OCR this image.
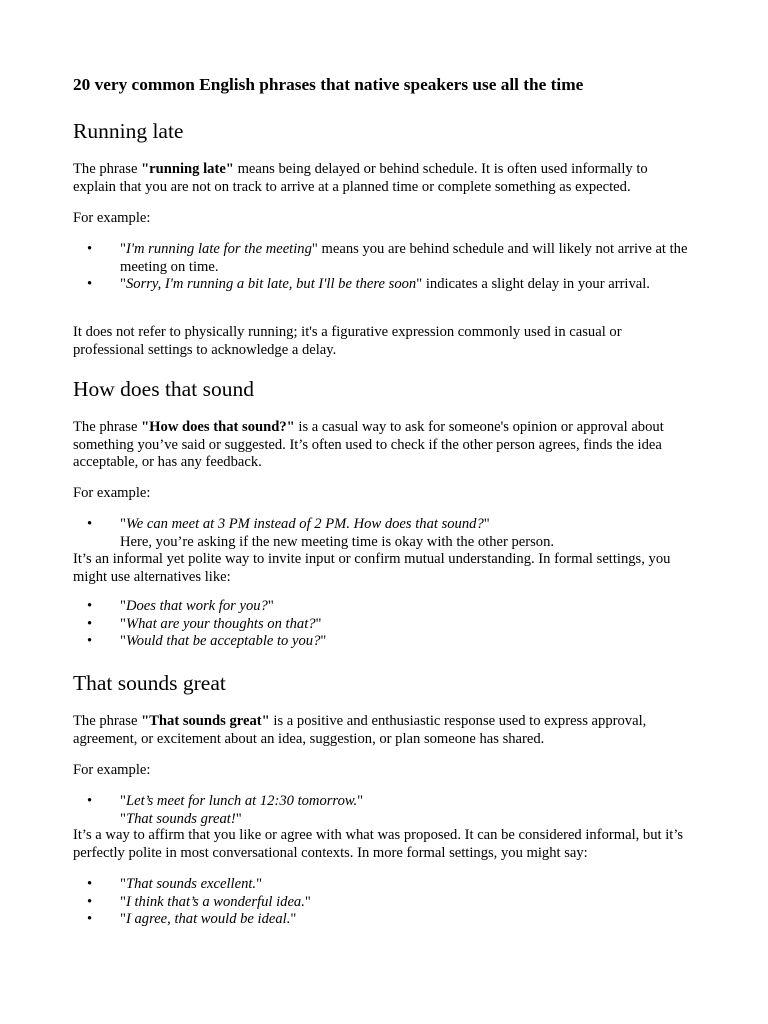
20 very common English phrases that native speakers use all the time

Running late

The phrase "running late" means being delayed or behind schedule. It is often used informally to explain that you are not on track to arrive at a planned time or complete something as expected.

For example:

• "I'm running late for the meeting" means you are behind schedule and will likely not arrive at the meeting on time.
• "Sorry, I'm running a bit late, but I'll be there soon" indicates a slight delay in your arrival.

It does not refer to physically running; it's a figurative expression commonly used in casual or professional settings to acknowledge a delay.

How does that sound

The phrase "How does that sound?" is a casual way to ask for someone's opinion or approval about something you’ve said or suggested. It’s often used to check if the other person agrees, finds the idea acceptable, or has any feedback.

For example:

• "We can meet at 3 PM instead of 2 PM. How does that sound?"
Here, you’re asking if the new meeting time is okay with the other person.

It’s an informal yet polite way to invite input or confirm mutual understanding. In formal settings, you might use alternatives like:

• "Does that work for you?"
• "What are your thoughts on that?"
• "Would that be acceptable to you?"
That sounds great

The phrase "That sounds great" is a positive and enthusiastic response used to express approval, agreement, or excitement about an idea, suggestion, or plan someone has shared.

For example:

• "Let’s meet for lunch at 12:30 tomorrow."
"That sounds great!"

It’s a way to affirm that you like or agree with what was proposed. It can be considered informal, but it’s perfectly polite in most conversational contexts. In more formal settings, you might say:

• "That sounds excellent."
• "I think that’s a wonderful idea."
• "I agree, that would be ideal."
